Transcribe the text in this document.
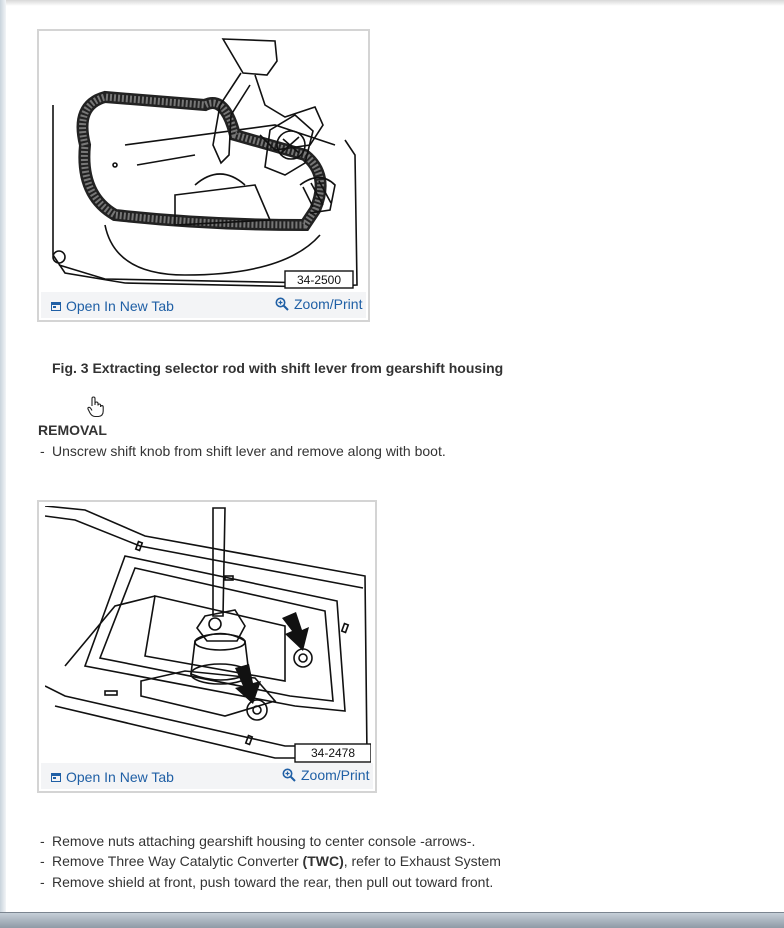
34-2500
Open In New Tab	Zoom/Print
Fig. 3 Extracting selector rod with shift lever from gearshift housing
REMOVAL
- Unscrew shift knob from shift lever and remove along with boot.
34-2478
Open In New Tab	Zoom/Print
- Remove nuts attaching gearshift housing to center console -arrows-.
- Remove Three Way Catalytic Converter (TWC), refer to Exhaust System
- Remove shield at front, push toward the rear, then pull out toward front.
